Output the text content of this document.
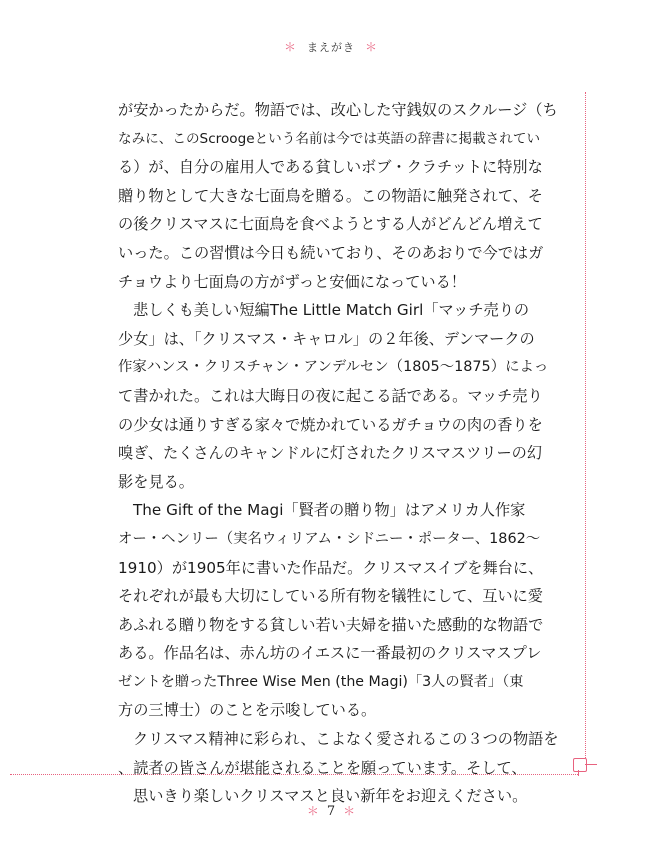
＊ まえがき ＊
が安かったからだ。物語では、改心した守銭奴のスクルージ（ち
なみに、このScroogeという名前は今では英語の辞書に掲載されてい
る）が、自分の雇用人である貧しいボブ・クラチットに特別な
贈り物として大きな七面鳥を贈る。この物語に触発されて、そ
の後クリスマスに七面鳥を食べようとする人がどんどん増えて
いった。この習慣は今日も続いており、そのあおりで今ではガ
チョウより七面鳥の方がずっと安価になっている！
悲しくも美しい短編The Little Match Girl「マッチ売りの
少女」は、「クリスマス・キャロル」の２年後、デンマークの
作家ハンス・クリスチャン・アンデルセン（1805～1875）によっ
て書かれた。これは大晦日の夜に起こる話である。マッチ売り
の少女は通りすぎる家々で焼かれているガチョウの肉の香りを
嗅ぎ、たくさんのキャンドルに灯されたクリスマスツリーの幻
影を見る。
The Gift of the Magi「賢者の贈り物」はアメリカ人作家
オー・ヘンリー（実名ウィリアム・シドニー・ポーター、1862～
1910）が1905年に書いた作品だ。クリスマスイブを舞台に、
それぞれが最も大切にしている所有物を犠牲にして、互いに愛
あふれる贈り物をする貧しい若い夫婦を描いた感動的な物語で
ある。作品名は、赤ん坊のイエスに一番最初のクリスマスプレ
ゼントを贈ったThree Wise Men (the Magi)「3人の賢者」（東
方の三博士）のことを示唆している。
クリスマス精神に彩られ、こよなく愛されるこの３つの物語を
、読者の皆さんが堪能されることを願っています。そして、
思いきり楽しいクリスマスと良い新年をお迎えください。
＊ 7 ＊
